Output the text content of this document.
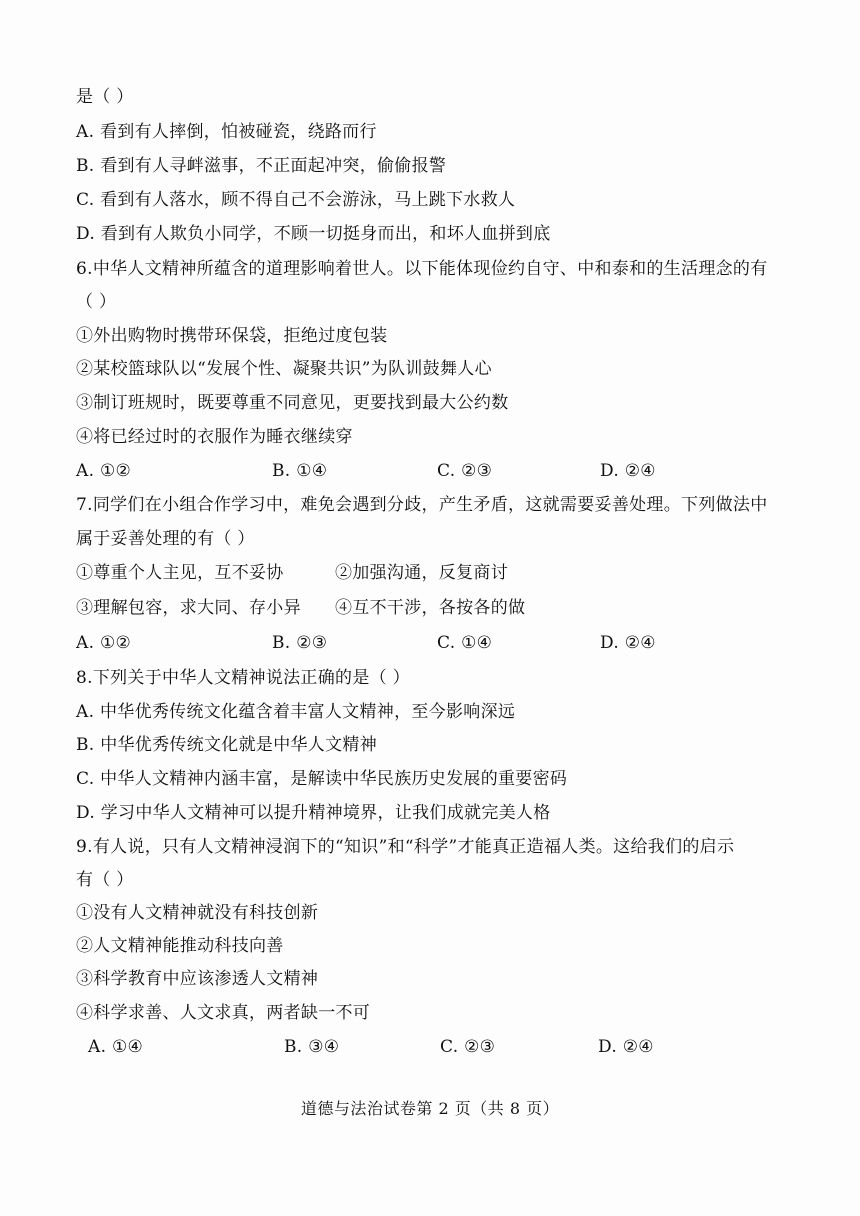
是（ ）
A. 看到有人摔倒，怕被碰瓷，绕路而行
B. 看到有人寻衅滋事，不正面起冲突，偷偷报警
C. 看到有人落水，顾不得自己不会游泳，马上跳下水救人
D. 看到有人欺负小同学，不顾一切挺身而出，和坏人血拼到底
6.中华人文精神所蕴含的道理影响着世人。以下能体现俭约自守、中和泰和的生活理念的有
（ ）
①外出购物时携带环保袋，拒绝过度包装
②某校篮球队以“发展个性、凝聚共识”为队训鼓舞人心
③制订班规时，既要尊重不同意见，更要找到最大公约数
④将已经过时的衣服作为睡衣继续穿
A. ①②	B. ①④	C. ②③	D. ②④
7.同学们在小组合作学习中，难免会遇到分歧，产生矛盾，这就需要妥善处理。下列做法中
属于妥善处理的有（ ）
①尊重个人主见，互不妥协	②加强沟通，反复商讨
③理解包容，求大同、存小异 ④互不干涉，各按各的做
A. ①②	B. ②③	C. ①④	D. ②④
8.下列关于中华人文精神说法正确的是（ ）
A. 中华优秀传统文化蕴含着丰富人文精神，至今影响深远
B. 中华优秀传统文化就是中华人文精神
C. 中华人文精神内涵丰富，是解读中华民族历史发展的重要密码
D. 学习中华人文精神可以提升精神境界，让我们成就完美人格
9.有人说，只有人文精神浸润下的“知识”和“科学”才能真正造福人类。这给我们的启示
有（ ）
①没有人文精神就没有科技创新
②人文精神能推动科技向善
③科学教育中应该渗透人文精神
④科学求善、人文求真，两者缺一不可
A. ①④	B. ③④	C. ②③	D. ②④
道德与法治试卷第 2 页（共 8 页）
